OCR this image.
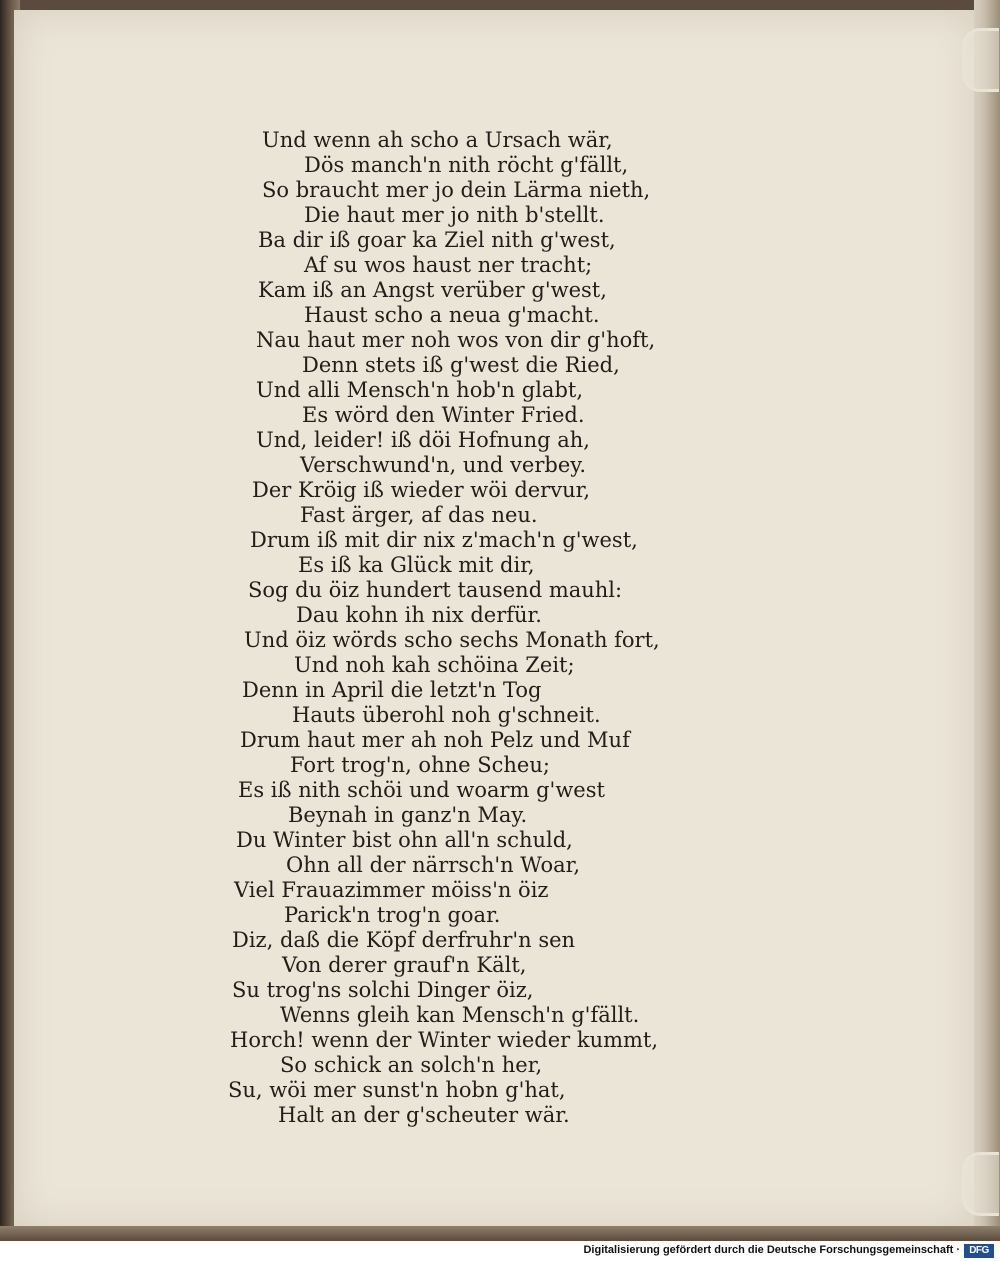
Und wenn ah scho a Ursach wär,
Dös manch'n nith röcht g'fällt,
So braucht mer jo dein Lärma nieth,
Die haut mer jo nith b'stellt.
Ba dir iß goar ka Ziel nith g'west,
Af su wos haust ner tracht;
Kam iß an Angst verüber g'west,
Haust scho a neua g'macht.
Nau haut mer noh wos von dir g'hoft,
Denn stets iß g'west die Ried,
Und alli Mensch'n hob'n glabt,
Es wörd den Winter Fried.
Und, leider! iß döi Hofnung ah,
Verschwund'n, und verbey.
Der Kröig iß wieder wöi dervur,
Fast ärger, af das neu.
Drum iß mit dir nix z'mach'n g'west,
Es iß ka Glück mit dir,
Sog du öiz hundert tausend mauhl:
Dau kohn ih nix derfür.
Und öiz wörds scho sechs Monath fort,
Und noh kah schöina Zeit;
Denn in April die letzt'n Tog
Hauts überohl noh g'schneit.
Drum haut mer ah noh Pelz und Muf
Fort trog'n, ohne Scheu;
Es iß nith schöi und woarm g'west
Beynah in ganz'n May.
Du Winter bist ohn all'n schuld,
Ohn all der närrsch'n Woar,
Viel Frauazimmer möiss'n öiz
Parick'n trog'n goar.
Diz, daß die Köpf derfruhr'n sen
Von derer grauf'n Kält,
Su trog'ns solchi Dinger öiz,
Wenns gleih kan Mensch'n g'fällt.
Horch! wenn der Winter wieder kummt,
So schick an solch'n her,
Su, wöi mer sunst'n hobn g'hat,
Halt an der g'scheuter wär.
Digitalisierung gefördert durch die Deutsche Forschungsgemeinschaft · DFG
